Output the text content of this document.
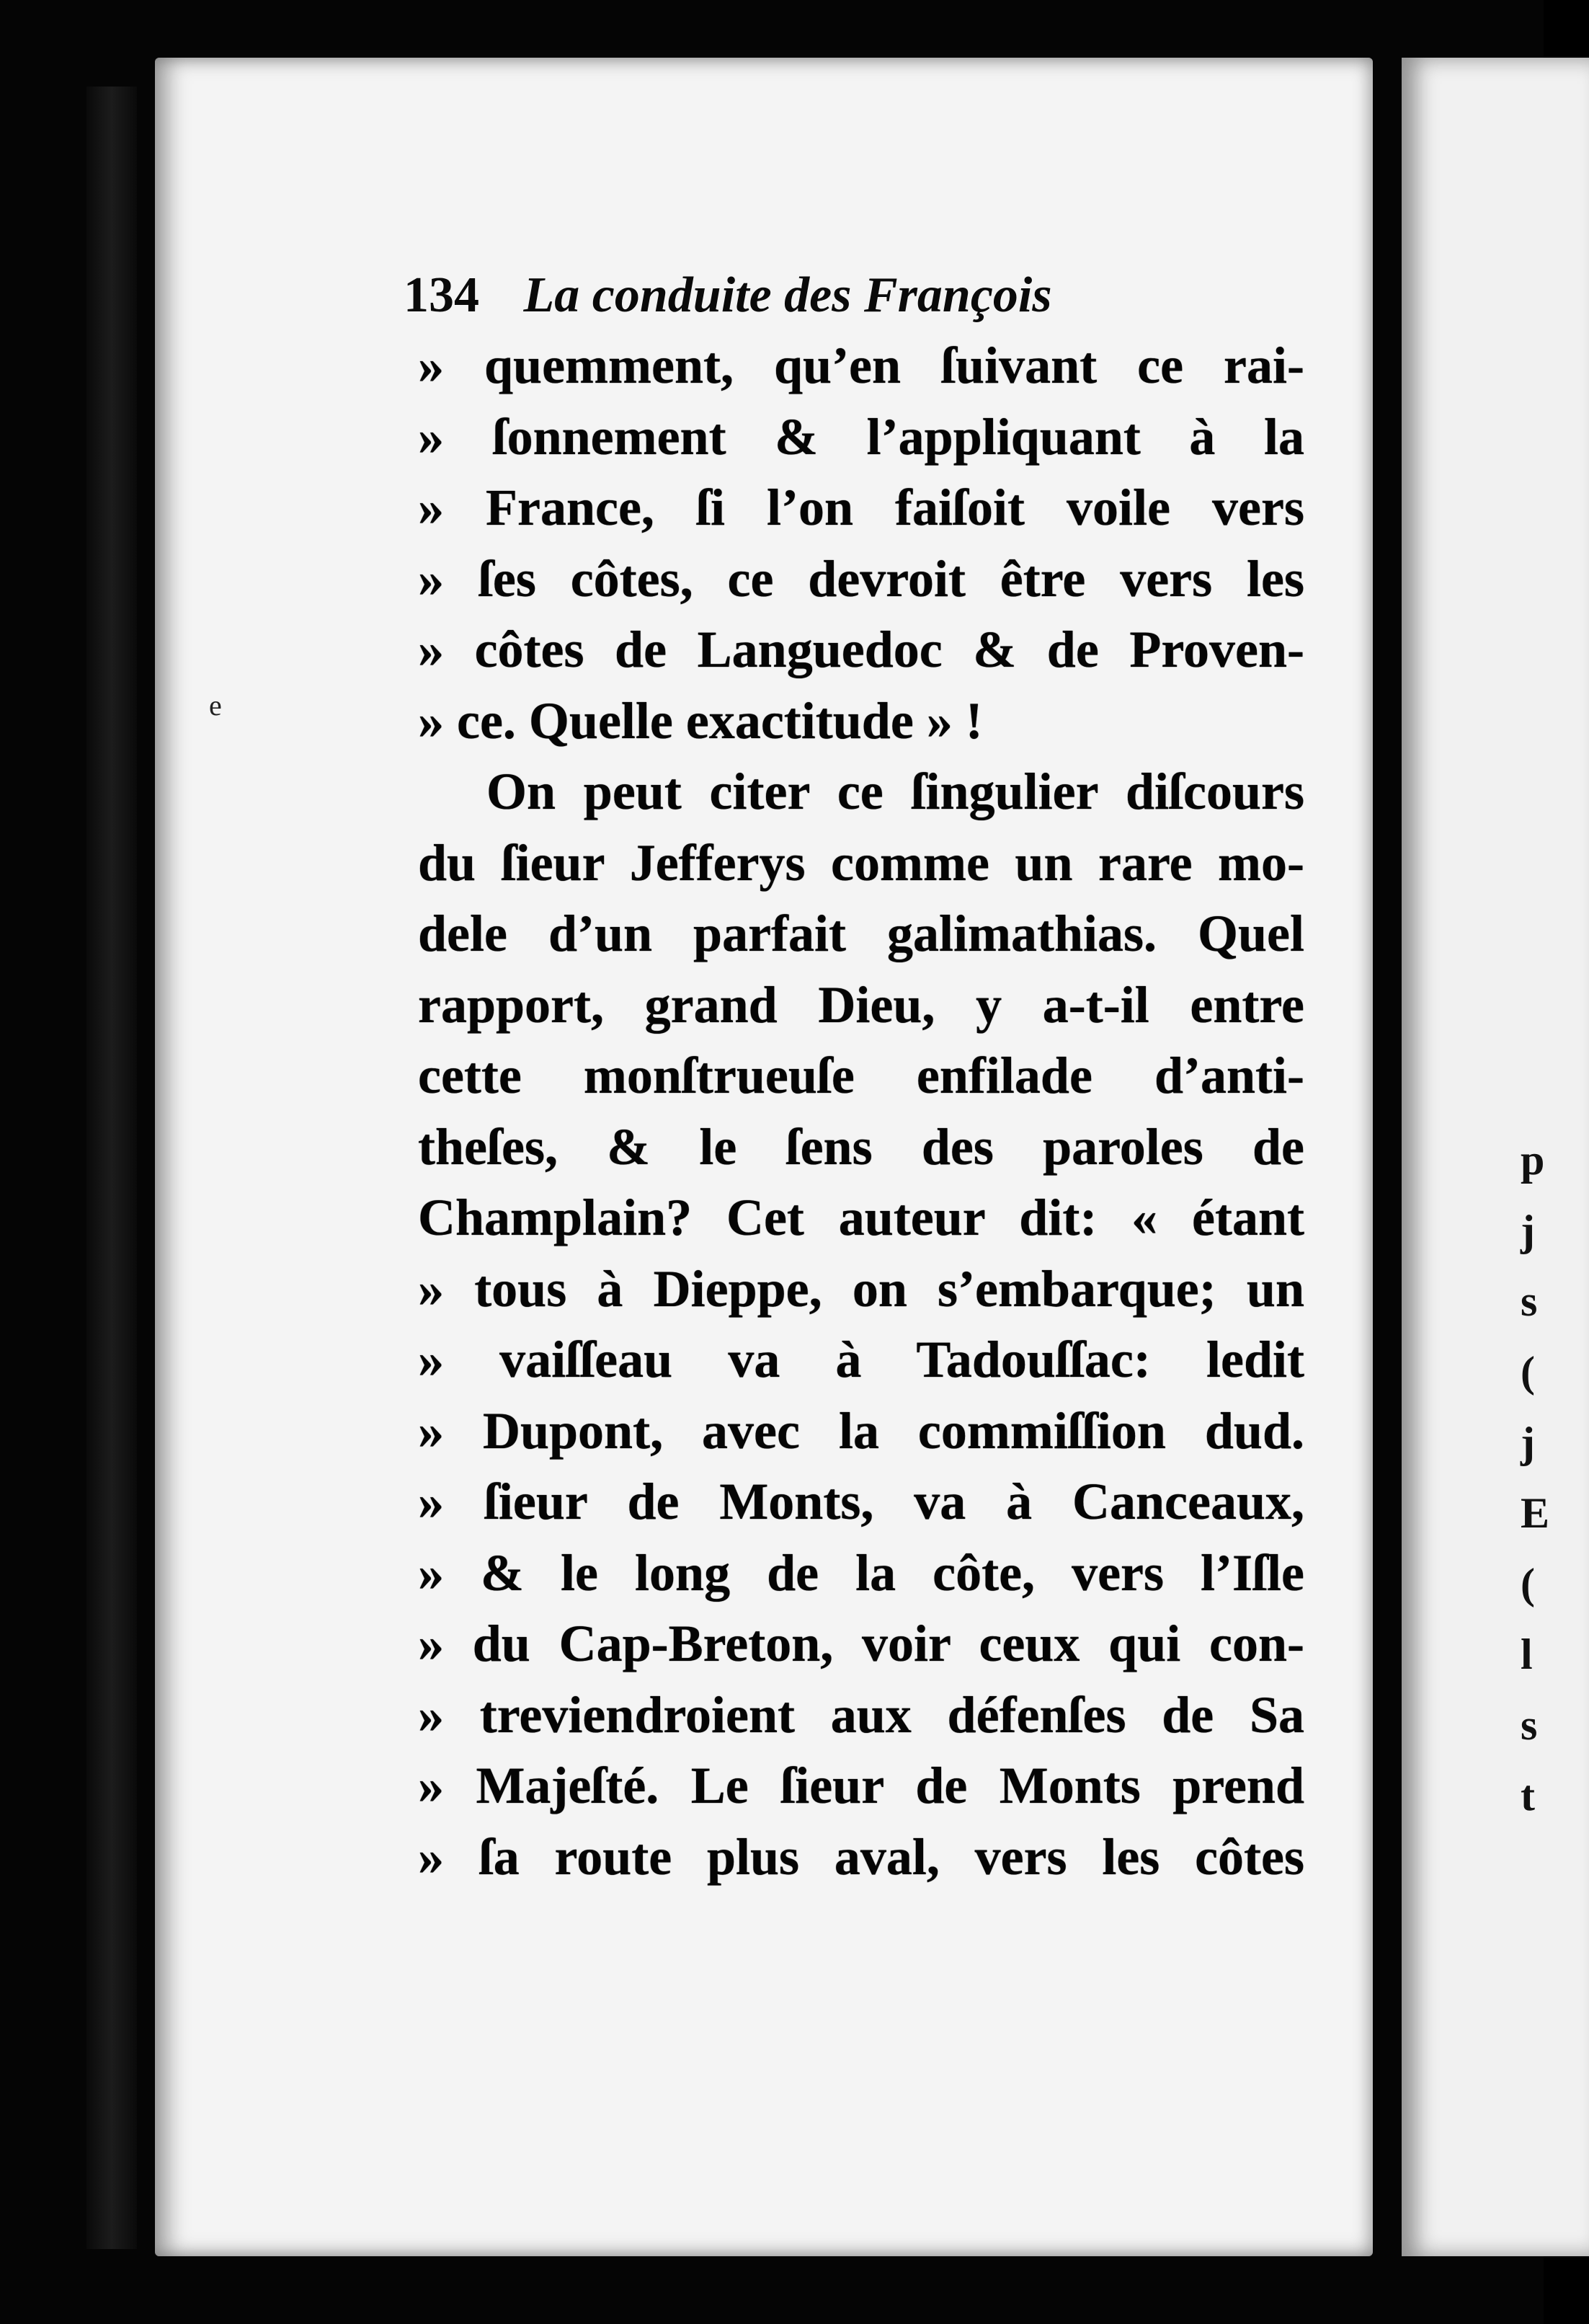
e
134 La conduite des François
» quemment, qu’en ſuivant ce rai-
» ſonnement & l’appliquant à la
» France, ſi l’on faiſoit voile vers
» ſes côtes, ce devroit être vers les
» côtes de Languedoc & de Proven-
» ce. Quelle exactitude » !
On peut citer ce ſingulier diſcours
du ſieur Jefferys comme un rare mo-
dele d’un parfait galimathias. Quel
rapport, grand Dieu, y a-t-il entre
cette monſtrueuſe enfilade d’anti-
theſes, & le ſens des paroles de
Champlain? Cet auteur dit: « étant
» tous à Dieppe, on s’embarque; un
» vaiſſeau va à Tadouſſac: ledit
» Dupont, avec la commiſſion dud.
» ſieur de Monts, va à Canceaux,
» & le long de la côte, vers l’Iſle
» du Cap-Breton, voir ceux qui con-
» treviendroient aux défenſes de Sa
» Majeſté. Le ſieur de Monts prend
» ſa route plus aval, vers les côtes
p
j
s
(
j
E
(
l
s
t
